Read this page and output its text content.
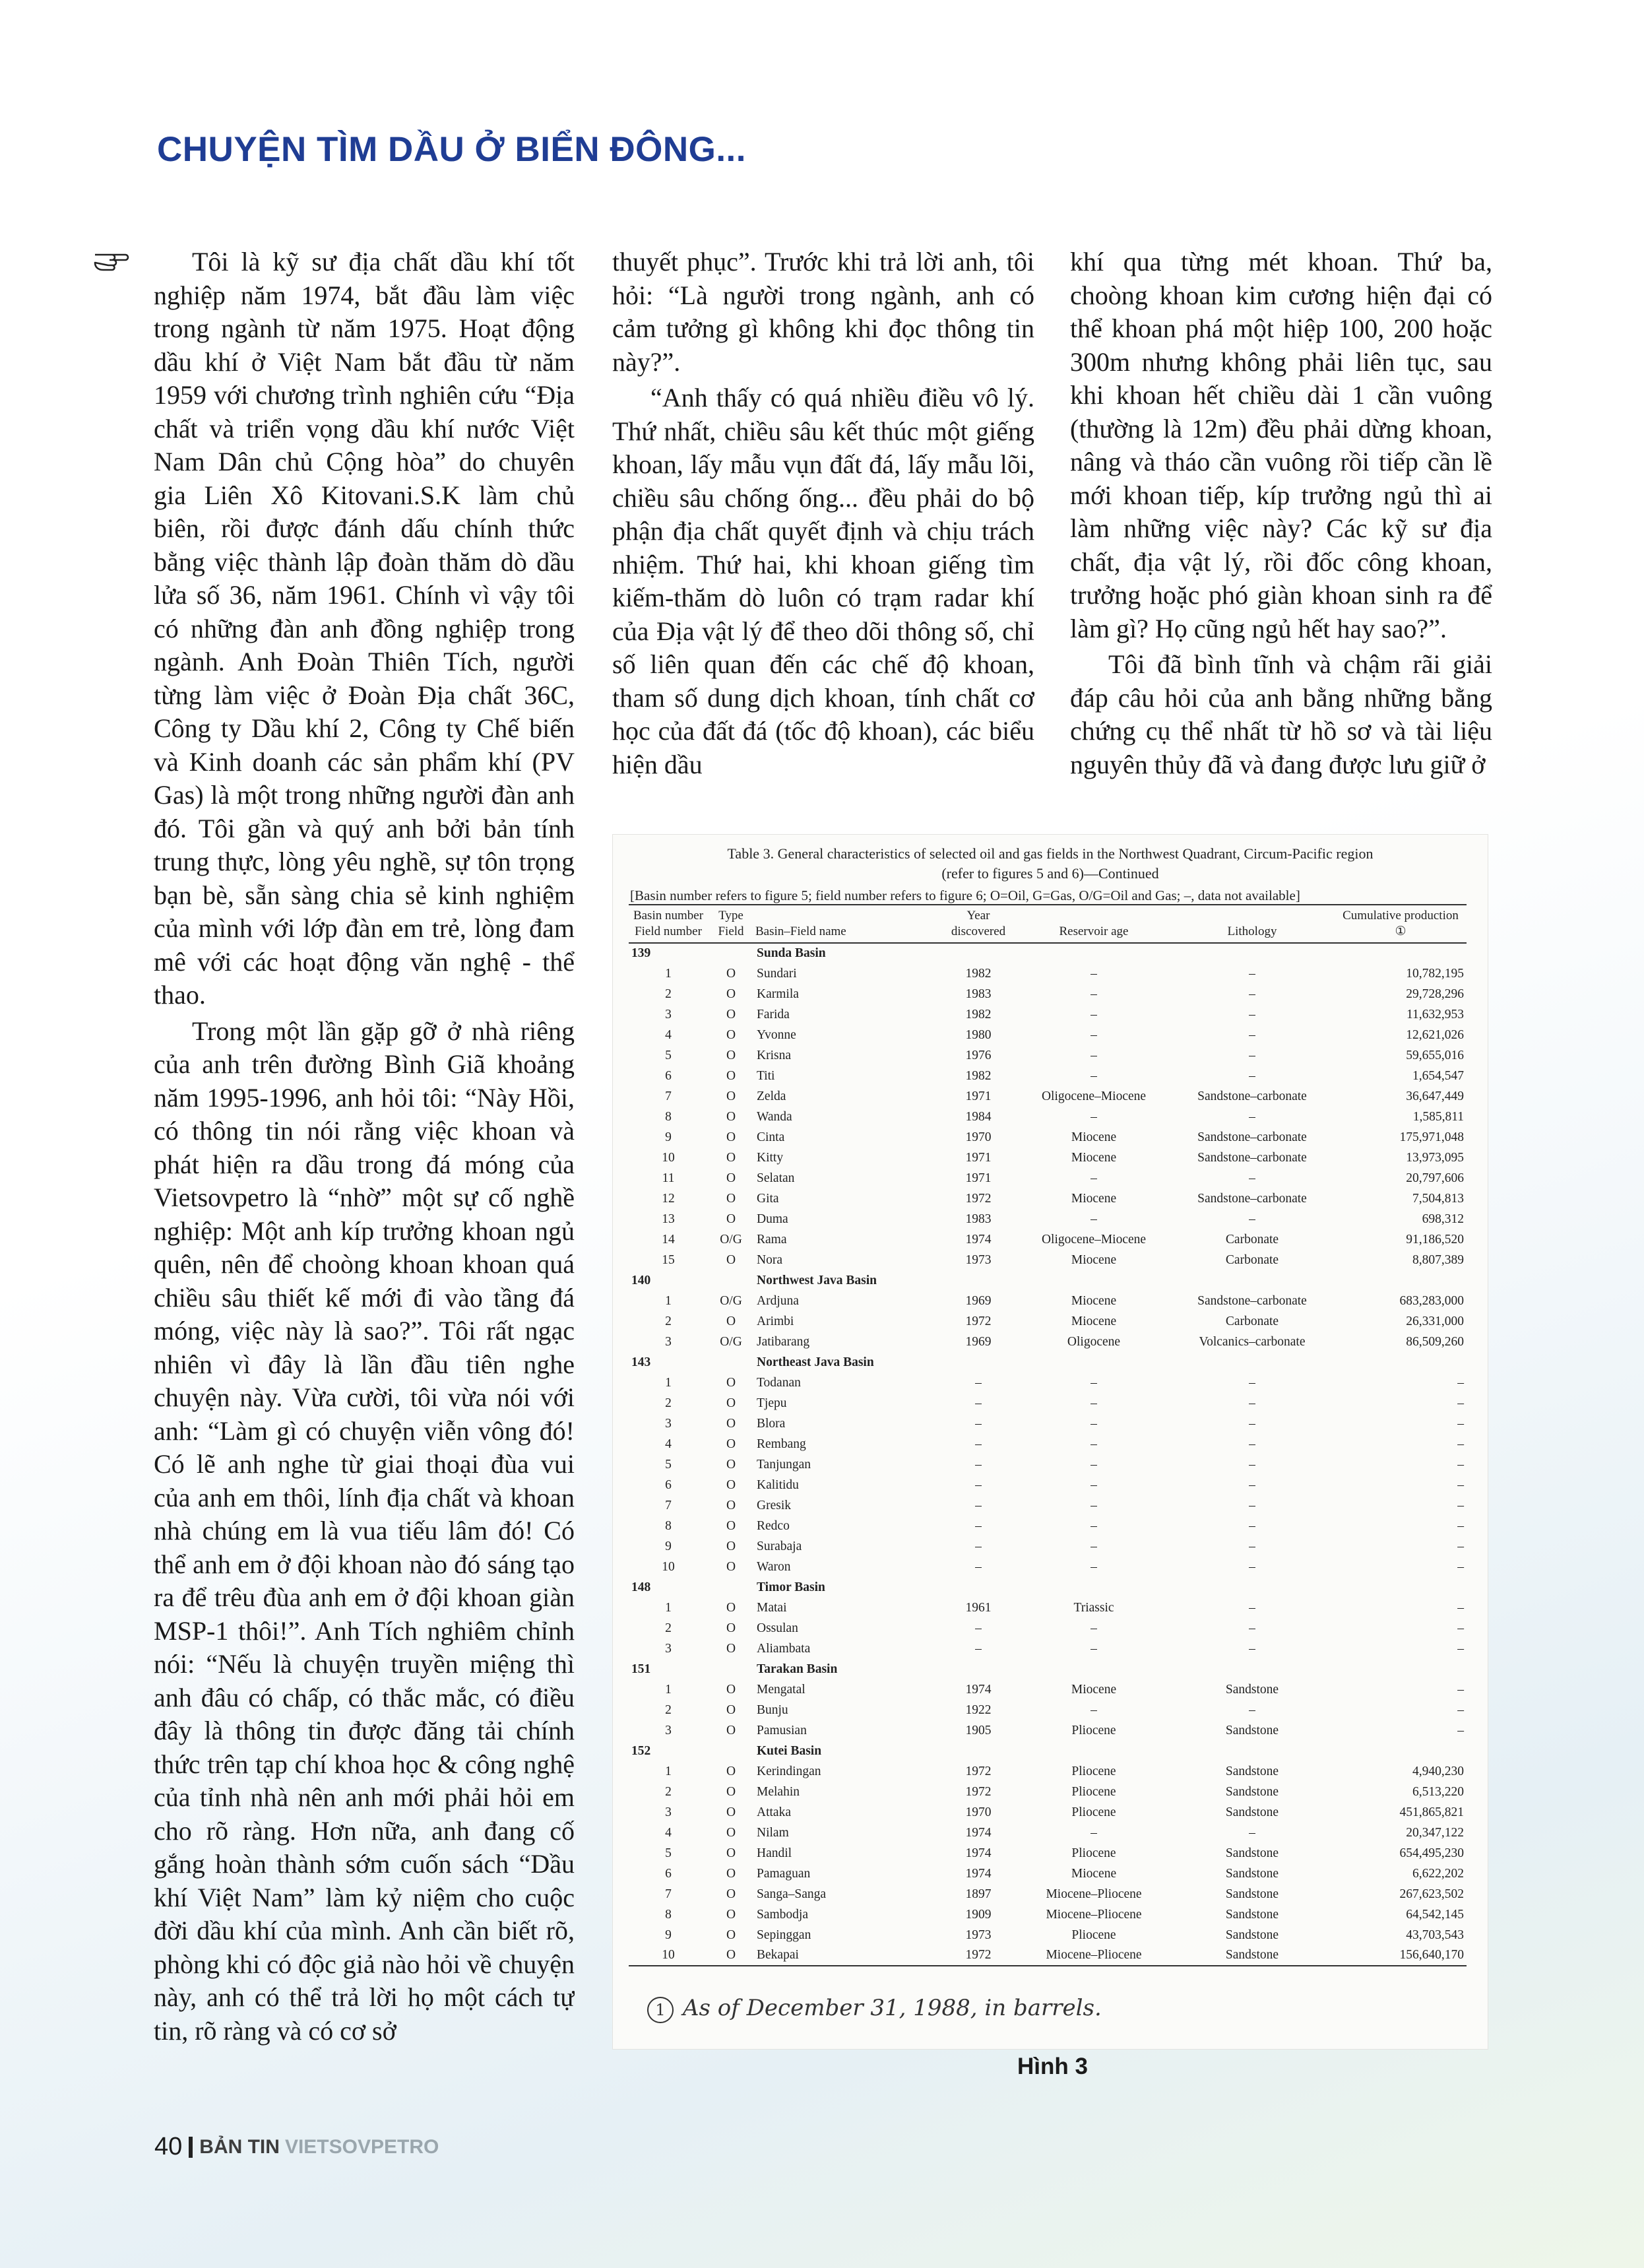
CHUYỆN TÌM DẦU Ở BIỂN ĐÔNG...

Tôi là kỹ sư địa chất dầu khí tốt nghiệp năm 1974, bắt đầu làm việc trong ngành từ năm 1975. Hoạt động dầu khí ở Việt Nam bắt đầu từ năm 1959 với chương trình nghiên cứu “Địa chất và triển vọng dầu khí nước Việt Nam Dân chủ Cộng hòa” do chuyên gia Liên Xô Kitovani.S.K làm chủ biên, rồi được đánh dấu chính thức bằng việc thành lập đoàn thăm dò dầu lửa số 36, năm 1961. Chính vì vậy tôi có những đàn anh đồng nghiệp trong ngành. Anh Đoàn Thiên Tích, người từng làm việc ở Đoàn Địa chất 36C, Công ty Dầu khí 2, Công ty Chế biến và Kinh doanh các sản phẩm khí (PV Gas) là một trong những người đàn anh đó. Tôi gần và quý anh bởi bản tính trung thực, lòng yêu nghề, sự tôn trọng bạn bè, sẵn sàng chia sẻ kinh nghiệm của mình với lớp đàn em trẻ, lòng đam mê với các hoạt động văn nghệ - thể thao.

Trong một lần gặp gỡ ở nhà riêng của anh trên đường Bình Giã khoảng năm 1995-1996, anh hỏi tôi: “Này Hồi, có thông tin nói rằng việc khoan và phát hiện ra dầu trong đá móng của Vietsovpetro là “nhờ” một sự cố nghề nghiệp: Một anh kíp trưởng khoan ngủ quên, nên để choòng khoan khoan quá chiều sâu thiết kế mới đi vào tầng đá móng, việc này là sao?”. Tôi rất ngạc nhiên vì đây là lần đầu tiên nghe chuyện này. Vừa cười, tôi vừa nói với anh: “Làm gì có chuyện viễn vông đó! Có lẽ anh nghe từ giai thoại đùa vui của anh em thôi, lính địa chất và khoan nhà chúng em là vua tiếu lâm đó! Có thể anh em ở đội khoan nào đó sáng tạo ra để trêu đùa anh em ở đội khoan giàn MSP-1 thôi!”. Anh Tích nghiêm chỉnh nói: “Nếu là chuyện truyền miệng thì anh đâu có chấp, có thắc mắc, có điều đây là thông tin được đăng tải chính thức trên tạp chí khoa học & công nghệ của tỉnh nhà nên anh mới phải hỏi em cho rõ ràng. Hơn nữa, anh đang cố gắng hoàn thành sớm cuốn sách “Dầu khí Việt Nam” làm kỷ niệm cho cuộc đời dầu khí của mình. Anh cần biết rõ, phòng khi có độc giả nào hỏi về chuyện này, anh có thể trả lời họ một cách tự tin, rõ ràng và có cơ sở

thuyết phục”. Trước khi trả lời anh, tôi hỏi: “Là người trong ngành, anh có cảm tưởng gì không khi đọc thông tin này?”.

“Anh thấy có quá nhiều điều vô lý. Thứ nhất, chiều sâu kết thúc một giếng khoan, lấy mẫu vụn đất đá, lấy mẫu lõi, chiều sâu chống ống... đều phải do bộ phận địa chất quyết định và chịu trách nhiệm. Thứ hai, khi khoan giếng tìm kiếm-thăm dò luôn có trạm radar khí của Địa vật lý để theo dõi thông số, chỉ số liên quan đến các chế độ khoan, tham số dung dịch khoan, tính chất cơ học của đất đá (tốc độ khoan), các biểu hiện dầu

khí qua từng mét khoan. Thứ ba, choòng khoan kim cương hiện đại có thể khoan phá một hiệp 100, 200 hoặc 300m nhưng không phải liên tục, sau khi khoan hết chiều dài 1 cần vuông (thường là 12m) đều phải dừng khoan, nâng và tháo cần vuông rồi tiếp cần lề mới khoan tiếp, kíp trưởng ngủ thì ai làm những việc này? Các kỹ sư địa chất, địa vật lý, rồi đốc công khoan, trưởng hoặc phó giàn khoan sinh ra để làm gì? Họ cũng ngủ hết hay sao?”.

Tôi đã bình tĩnh và chậm rãi giải đáp câu hỏi của anh bằng những bằng chứng cụ thể nhất từ hồ sơ và tài liệu nguyên thủy đã và đang được lưu giữ ở

Table 3. General characteristics of selected oil and gas fields in the Northwest Quadrant, Circum-Pacific region
(refer to figures 5 and 6)—Continued
[Basin number refers to figure 5; field number refers to figure 6; O=Oil, G=Gas, O/G=Oil and Gas; –, data not available]
Basin number Field number	Type Field	Basin–Field name	Year discovered	Reservoir age	Lithology	Cumulative production ①
139		Sunda Basin				
1	O	Sundari	1982	–	–	10,782,195
2	O	Karmila	1983	–	–	29,728,296
3	O	Farida	1982	–	–	11,632,953
4	O	Yvonne	1980	–	–	12,621,026
5	O	Krisna	1976	–	–	59,655,016
6	O	Titi	1982	–	–	1,654,547
7	O	Zelda	1971	Oligocene–Miocene	Sandstone–carbonate	36,647,449
8	O	Wanda	1984	–	–	1,585,811
9	O	Cinta	1970	Miocene	Sandstone–carbonate	175,971,048
10	O	Kitty	1971	Miocene	Sandstone–carbonate	13,973,095
11	O	Selatan	1971	–	–	20,797,606
12	O	Gita	1972	Miocene	Sandstone–carbonate	7,504,813
13	O	Duma	1983	–	–	698,312
14	O/G	Rama	1974	Oligocene–Miocene	Carbonate	91,186,520
15	O	Nora	1973	Miocene	Carbonate	8,807,389
140		Northwest Java Basin				
1	O/G	Ardjuna	1969	Miocene	Sandstone–carbonate	683,283,000
2	O	Arimbi	1972	Miocene	Carbonate	26,331,000
3	O/G	Jatibarang	1969	Oligocene	Volcanics–carbonate	86,509,260
143		Northeast Java Basin				
1	O	Todanan	–	–	–	–
2	O	Tjepu	–	–	–	–
3	O	Blora	–	–	–	–
4	O	Rembang	–	–	–	–
5	O	Tanjungan	–	–	–	–
6	O	Kalitidu	–	–	–	–
7	O	Gresik	–	–	–	–
8	O	Redco	–	–	–	–
9	O	Surabaja	–	–	–	–
10	O	Waron	–	–	–	–
148		Timor Basin				
1	O	Matai	1961	Triassic	–	–
2	O	Ossulan	–	–	–	–
3	O	Aliambata	–	–	–	–
151		Tarakan Basin				
1	O	Mengatal	1974	Miocene	Sandstone	–
2	O	Bunju	1922	–	–	–
3	O	Pamusian	1905	Pliocene	Sandstone	–
152		Kutei Basin				
1	O	Kerindingan	1972	Pliocene	Sandstone	4,940,230
2	O	Melahin	1972	Pliocene	Sandstone	6,513,220
3	O	Attaka	1970	Pliocene	Sandstone	451,865,821
4	O	Nilam	1974	–	–	20,347,122
5	O	Handil	1974	Pliocene	Sandstone	654,495,230
6	O	Pamaguan	1974	Miocene	Sandstone	6,622,202
7	O	Sanga–Sanga	1897	Miocene–Pliocene	Sandstone	267,623,502
8	O	Sambodja	1909	Miocene–Pliocene	Sandstone	64,542,145
9	O	Sepinggan	1973	Pliocene	Sandstone	43,703,543
10	O	Bekapai	1972	Miocene–Pliocene	Sandstone	156,640,170
1 As of December 31, 1988, in barrels.
Hình 3
40 BẢN TIN VIETSOVPETRO
